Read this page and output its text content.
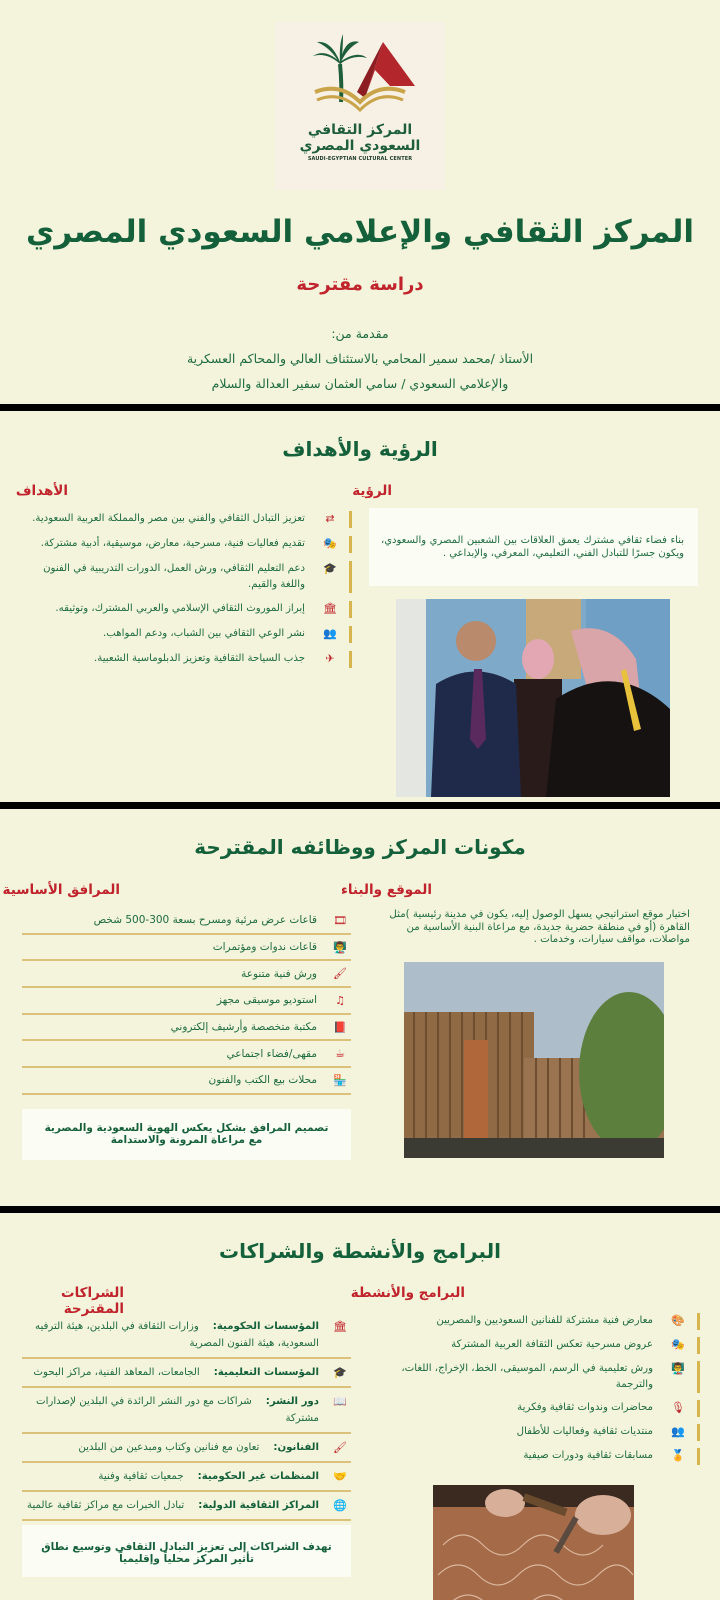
المركز التقافي
السعودي المصري
SAUDI-EGYPTIAN CULTURAL CENTER
المركز الثقافي والإعلامي السعودي المصري
دراسة مقترحة
مقدمة من:
الأستاذ /محمد سمير المحامي بالاستئناف العالي والمحاكم العسكرية
والإعلامي السعودي / سامي العثمان سفير العدالة والسلام
الرؤية والأهداف
الرؤية
الأهداف

بناء فضاء ثقافي مشترك يعمق العلاقات بين الشعبين المصري والسعودي، ويكون جسرًا للتبادل الفني، التعليمي، المعرفي، والإبداعي .

⇄
تعزيز التبادل الثقافي والفني بين مصر والمملكة العربية السعودية.
🎭
تقديم فعاليات فنية، مسرحية، معارض، موسيقية، أدبية مشتركة.
🎓
دعم التعليم الثقافي، ورش العمل، الدورات التدريبية في الفنون واللغة والقيم.
🏛
إبراز الموروث الثقافي الإسلامي والعربي المشترك، وتوثيقه.
👥
نشر الوعي الثقافي بين الشباب، ودعم المواهب.
✈
جذب السياحة الثقافية وتعزيز الدبلوماسية الشعبية.
مكونات المركز ووظائفه المقترحة
الموقع والبناء
المرافق الأساسية

اختيار موقع استراتيجي يسهل الوصول إليه، يكون في مدينة رئيسية )مثل القاهرة (أو في منطقة حضرية جديدة، مع مراعاة البنية الأساسية من مواصلات، مواقف سيارات، وخدمات .

🎞
قاعات عرض مرئية ومسرح بسعة 300-500 شخص
👨‍🏫
قاعات ندوات ومؤتمرات
🖌
ورش فنية متنوعة
♫
استوديو موسيقى مجهز
📕
مكتبة متخصصة وأرشيف إلكتروني
☕
مقهى/فضاء اجتماعي
🏪
محلات بيع الكتب والفنون
تصميم المرافق بشكل يعكس الهوية السعودية والمصرية مع مراعاة المرونة والاستدامة
البرامج والأنشطة والشراكات
البرامج والأنشطة
الشراكات المقترحة
🎨
معارض فنية مشتركة للفنانين السعوديين والمصريين
🎭
عروض مسرحية تعكس الثقافة العربية المشتركة
👨‍🏫
ورش تعليمية في الرسم، الموسيقى، الخط، الإخراج، اللغات، والترجمة
🎙
محاضرات وندوات ثقافية وفكرية
👥
منتديات ثقافية وفعاليات للأطفال
🏅
مسابقات ثقافية ودورات صيفية
🏛
المؤسسات الحكومية:وزارات الثقافة في البلدين، هيئة الترفيه السعودية، هيئة الفنون المصرية
🎓
المؤسسات التعليمية:الجامعات، المعاهد الفنية، مراكز البحوث
📖
دور النشر:شراكات مع دور النشر الرائدة في البلدين لإصدارات مشتركة
🖌
الفنانون:تعاون مع فنانين وكتاب ومبدعين من البلدين
🤝
المنظمات غير الحكومية:جمعيات ثقافية وفنية
🌐
المراكز الثقافية الدولية:تبادل الخبرات مع مراكز ثقافية عالمية
تهدف الشراكات إلى تعزيز التبادل الثقافي وتوسيع نطاق تأثير المركز محلياً وإقليمياً
